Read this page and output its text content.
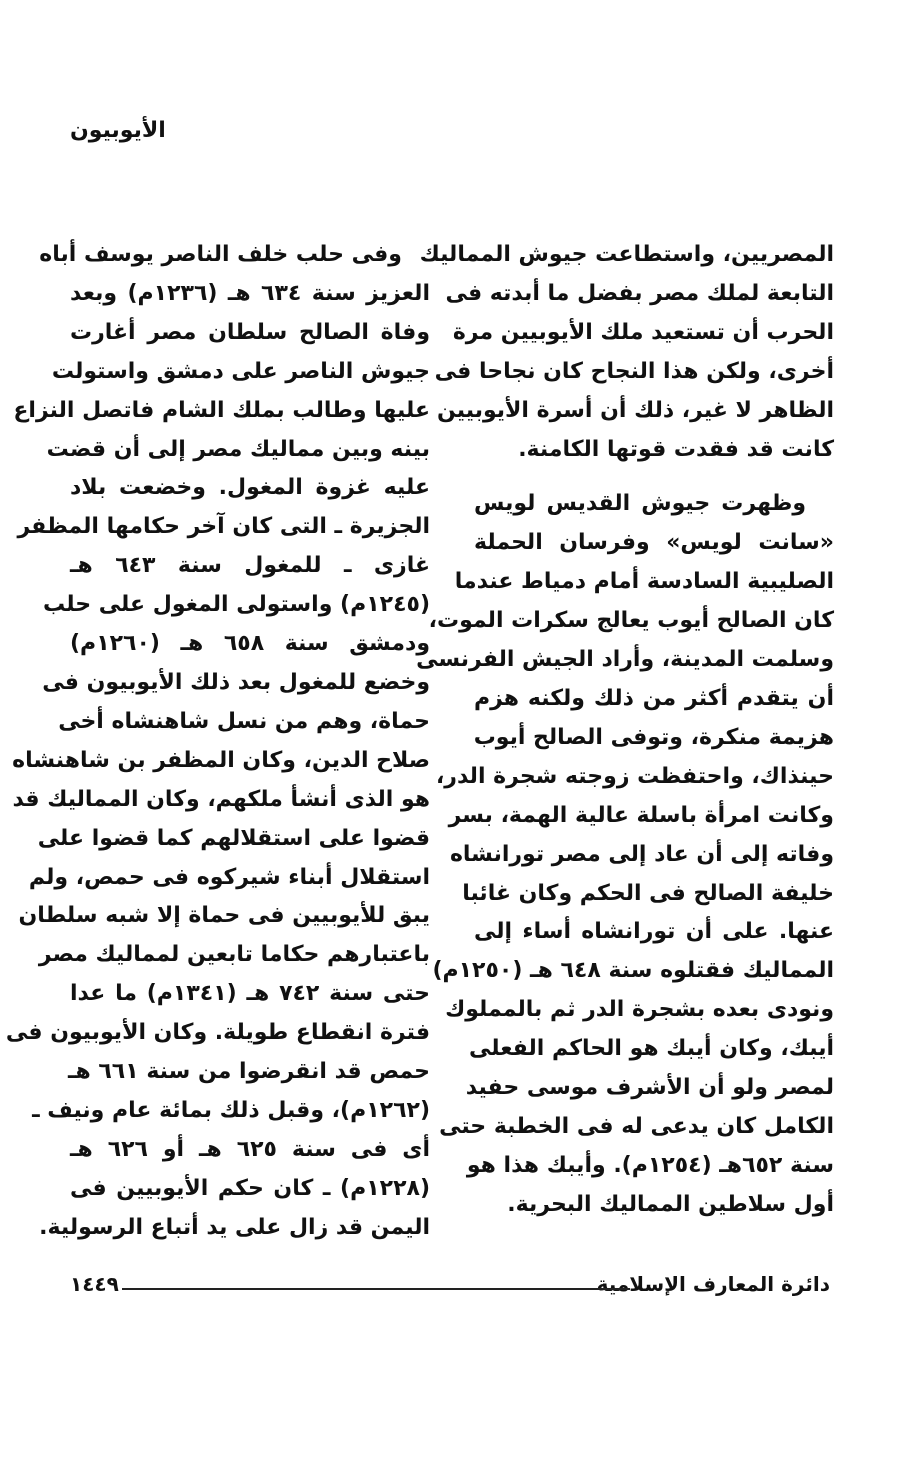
الأيوبيون
المصريين، واستطاعت جيوش المماليك
التابعة لملك مصر بفضل ما أبدته فى
الحرب أن تستعيد ملك الأيوبيين مرة
أخرى، ولكن هذا النجاح كان نجاحا فى
الظاهر لا غير، ذلك أن أسرة الأيوبيين
كانت قد فقدت قوتها الكامنة.
وظهرت جيوش القديس لويس
«سانت لويس» وفرسان الحملة
الصليبية السادسة أمام دمياط عندما
كان الصالح أيوب يعالج سكرات الموت،
وسلمت المدينة، وأراد الجيش الفرنسى
أن يتقدم أكثر من ذلك ولكنه هزم
هزيمة منكرة، وتوفى الصالح أيوب
حينذاك، واحتفظت زوجته شجرة الدر،
وكانت امرأة باسلة عالية الهمة، بسر
وفاته إلى أن عاد إلى مصر تورانشاه
خليفة الصالح فى الحكم وكان غائبا
عنها. على أن تورانشاه أساء إلى
المماليك فقتلوه سنة ٦٤٨ هـ (١٢٥٠م)
ونودى بعده بشجرة الدر ثم بالمملوك
أيبك، وكان أيبك هو الحاكم الفعلى
لمصر ولو أن الأشرف موسى حفيد
الكامل كان يدعى له فى الخطبة حتى
سنة ٦٥٢هـ (١٢٥٤م). وأيبك هذا هو
أول سلاطين المماليك البحرية.
وفى حلب خلف الناصر يوسف أباه
العزيز سنة ٦٣٤ هـ (١٢٣٦م) وبعد
وفاة الصالح سلطان مصر أغارت
جيوش الناصر على دمشق واستولت
عليها وطالب بملك الشام فاتصل النزاع
بينه وبين مماليك مصر إلى أن قضت
عليه غزوة المغول. وخضعت بلاد
الجزيرة ـ التى كان آخر حكامها المظفر
غازى ـ للمغول سنة ٦٤٣ هـ
(١٢٤٥م) واستولى المغول على حلب
ودمشق سنة ٦٥٨ هـ (١٢٦٠م)
وخضع للمغول بعد ذلك الأيوبيون فى
حماة، وهم من نسل شاهنشاه أخى
صلاح الدين، وكان المظفر بن شاهنشاه
هو الذى أنشأ ملكهم، وكان المماليك قد
قضوا على استقلالهم كما قضوا على
استقلال أبناء شيركوه فى حمص، ولم
يبق للأيوبيين فى حماة إلا شبه سلطان
باعتبارهم حكاما تابعين لمماليك مصر
حتى سنة ٧٤٢ هـ (١٣٤١م) ما عدا
فترة انقطاع طويلة. وكان الأيوبيون فى
حمص قد انقرضوا من سنة ٦٦١ هـ
(١٢٦٢م)، وقبل ذلك بمائة عام ونيف ـ
أى فى سنة ٦٢٥ هـ أو ٦٢٦ هـ
(١٢٢٨م) ـ كان حكم الأيوبيين فى
اليمن قد زال على يد أتباع الرسولية.
دائرة المعارف الإسلامية
١٤٤٩
